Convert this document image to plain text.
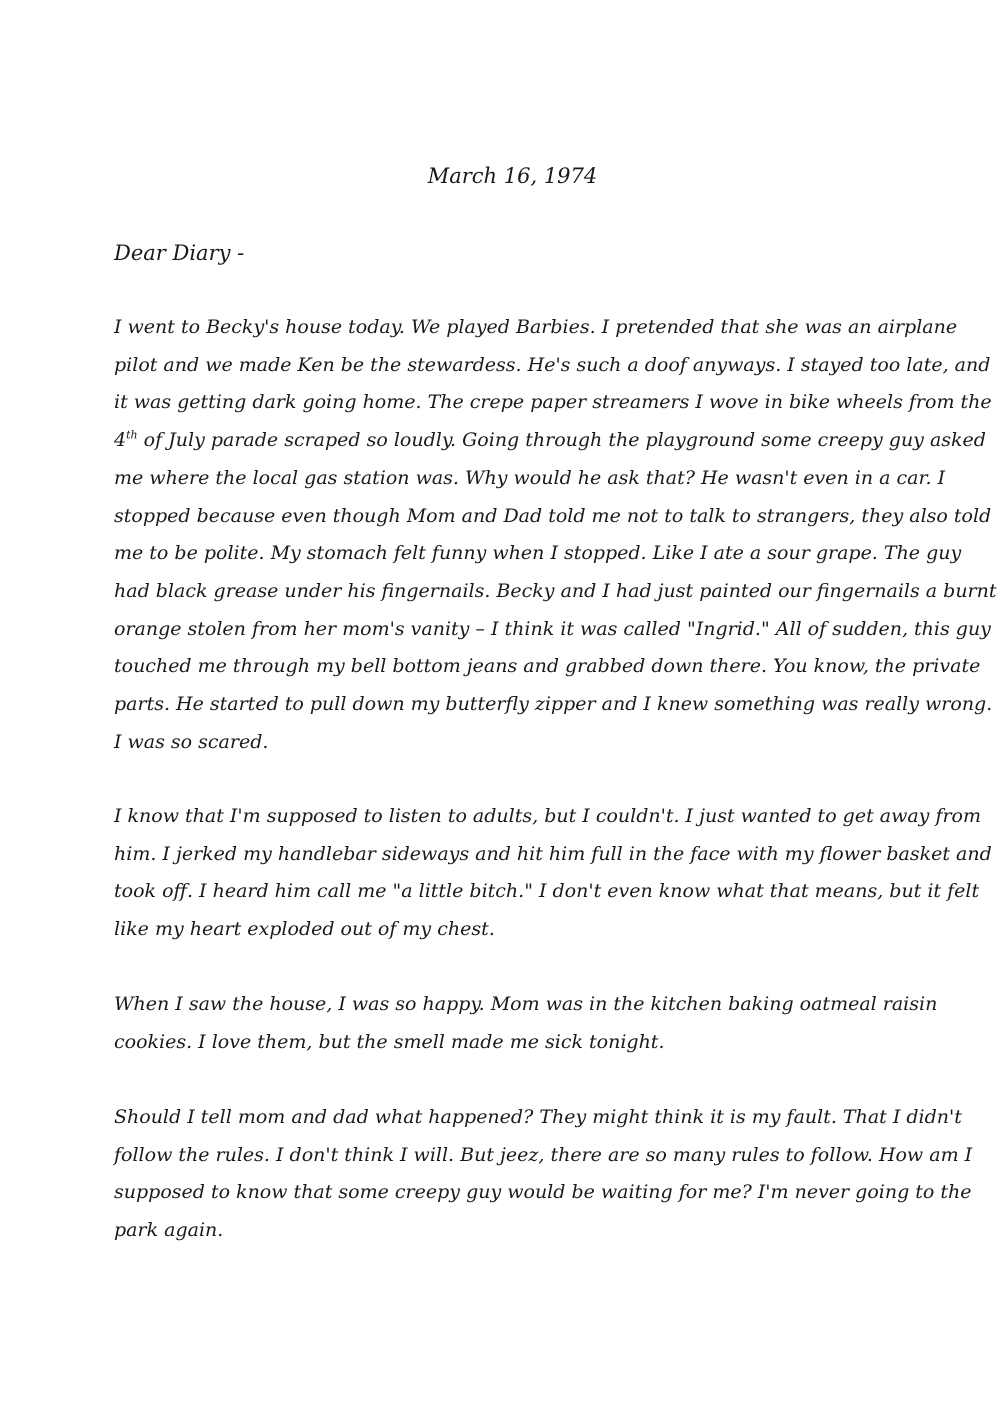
March 16, 1974
Dear Diary -

I went to Becky's house today. We played Barbies. I pretended that she was an airplane
pilot and we made Ken be the stewardess. He's such a doof anyways. I stayed too late, and
it was getting dark going home. The crepe paper streamers I wove in bike wheels from the
4th of July parade scraped so loudly. Going through the playground some creepy guy asked
me where the local gas station was. Why would he ask that? He wasn't even in a car. I
stopped because even though Mom and Dad told me not to talk to strangers, they also told
me to be polite. My stomach felt funny when I stopped. Like I ate a sour grape. The guy
had black grease under his fingernails. Becky and I had just painted our fingernails a burnt
orange stolen from her mom's vanity – I think it was called "Ingrid." All of sudden, this guy
touched me through my bell bottom jeans and grabbed down there. You know, the private
parts. He started to pull down my butterfly zipper and I knew something was really wrong.
I was so scared.

I know that I'm supposed to listen to adults, but I couldn't. I just wanted to get away from
him. I jerked my handlebar sideways and hit him full in the face with my flower basket and
took off. I heard him call me "a little bitch." I don't even know what that means, but it felt
like my heart exploded out of my chest.

When I saw the house, I was so happy. Mom was in the kitchen baking oatmeal raisin
cookies. I love them, but the smell made me sick tonight.

Should I tell mom and dad what happened? They might think it is my fault. That I didn't
follow the rules. I don't think I will. But jeez, there are so many rules to follow. How am I
supposed to know that some creepy guy would be waiting for me? I'm never going to the
park again.
